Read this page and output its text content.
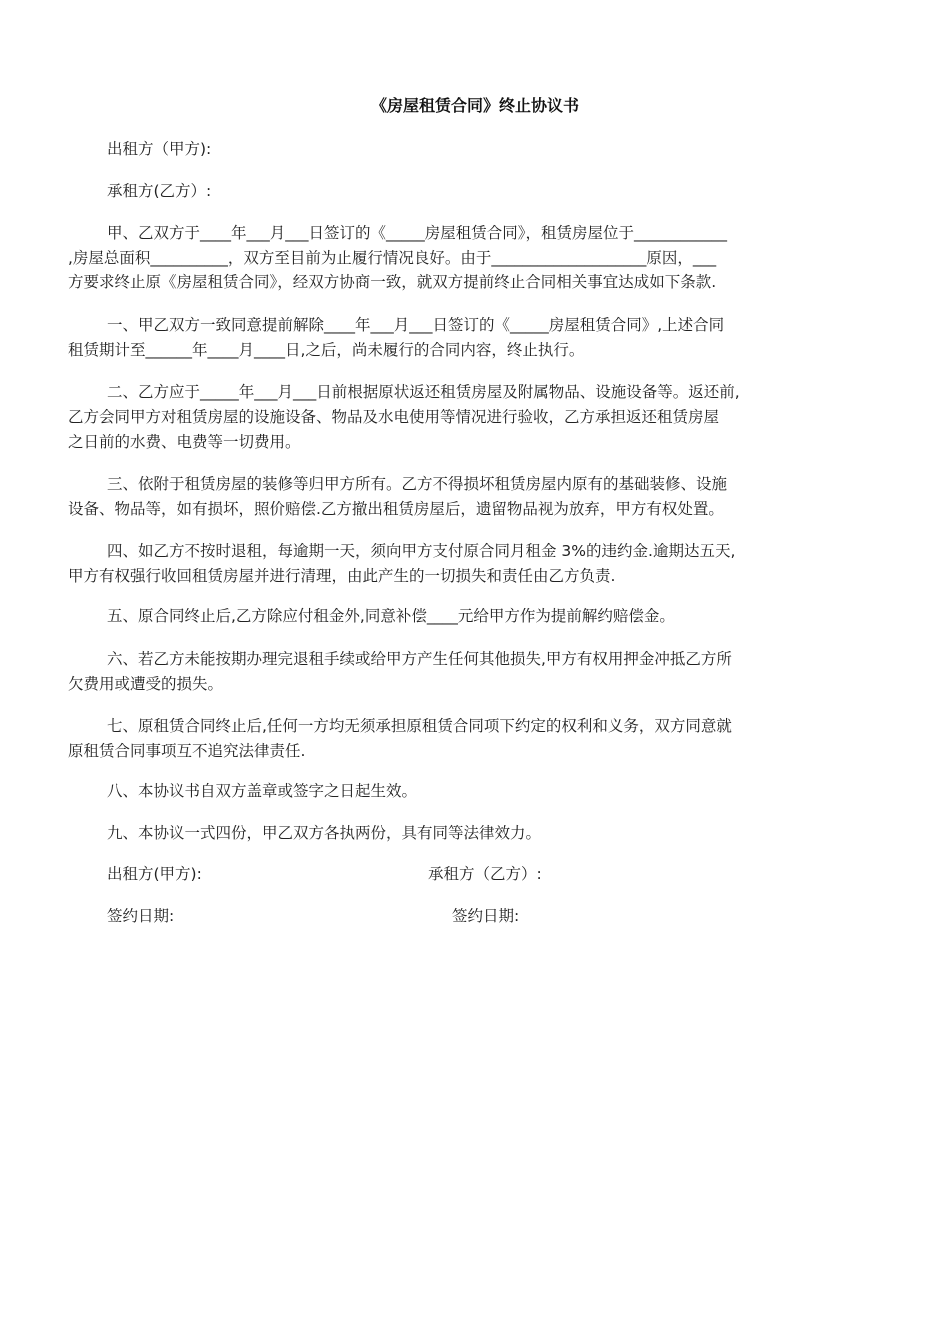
《房屋租赁合同》终止协议书
出租方（甲方):
承租方(乙方）:
甲、乙双方于____年___月___日签订的《_____房屋租赁合同》，租赁房屋位于____________
,房屋总面积__________，双方至目前为止履行情况良好。由于____________________原因，___
方要求终止原《房屋租赁合同》，经双方协商一致，就双方提前终止合同相关事宜达成如下条款.
一、甲乙双方一致同意提前解除____年___月___日签订的《_____房屋租赁合同》,上述合同
租赁期计至______年____月____日,之后，尚未履行的合同内容，终止执行。
二、乙方应于_____年___月___日前根据原状返还租赁房屋及附属物品、设施设备等。返还前,
乙方会同甲方对租赁房屋的设施设备、物品及水电使用等情况进行验收，乙方承担返还租赁房屋
之日前的水费、电费等一切费用。
三、依附于租赁房屋的装修等归甲方所有。乙方不得损坏租赁房屋内原有的基础装修、设施
设备、物品等，如有损坏，照价赔偿.乙方撤出租赁房屋后，遗留物品视为放弃，甲方有权处置。
四、如乙方不按时退租，每逾期一天，须向甲方支付原合同月租金 3%的违约金.逾期达五天,
甲方有权强行收回租赁房屋并进行清理，由此产生的一切损失和责任由乙方负责.
五、原合同终止后,乙方除应付租金外,同意补偿____元给甲方作为提前解约赔偿金。
六、若乙方未能按期办理完退租手续或给甲方产生任何其他损失,甲方有权用押金冲抵乙方所
欠费用或遭受的损失。
七、原租赁合同终止后,任何一方均无须承担原租赁合同项下约定的权利和义务，双方同意就
原租赁合同事项互不追究法律责任.
八、本协议书自双方盖章或签字之日起生效。
九、本协议一式四份，甲乙双方各执两份，具有同等法律效力。
出租方(甲方):	承租方（乙方）:
签约日期:	签约日期:
